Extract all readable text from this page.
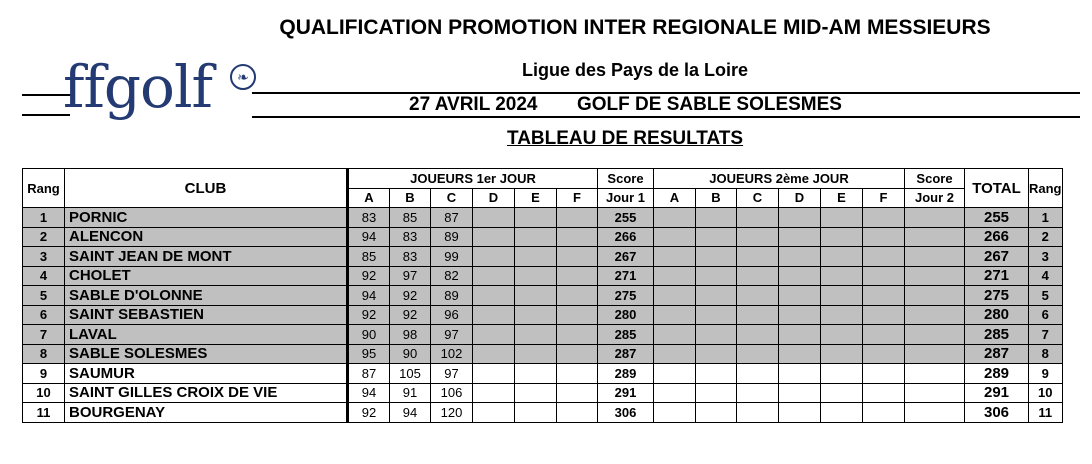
QUALIFICATION PROMOTION INTER REGIONALE MID-AM MESSIEURS
Ligue des Pays de la Loire
ffgolf	❧
27 AVRIL 2024 GOLF DE SABLE SOLESMES
TABLEAU DE RESULTATS
Rang	CLUB	JOUEURS 1er JOUR						Score	JOUEURS 2ème JOUR						Score	TOTAL	Rang
		A	B	C	D	E	F	Jour 1	A	B	C	D	E	F	Jour 2		
1	PORNIC	83	85	87				255								255	1
2	ALENCON	94	83	89				266								266	2
3	SAINT JEAN DE MONT	85	83	99				267								267	3
4	CHOLET	92	97	82				271								271	4
5	SABLE D'OLONNE	94	92	89				275								275	5
6	SAINT SEBASTIEN	92	92	96				280								280	6
7	LAVAL	90	98	97				285								285	7
8	SABLE SOLESMES	95	90	102				287								287	8
9	SAUMUR	87	105	97				289								289	9
10	SAINT GILLES CROIX DE VIE	94	91	106				291								291	10
11	BOURGENAY	92	94	120				306								306	11
